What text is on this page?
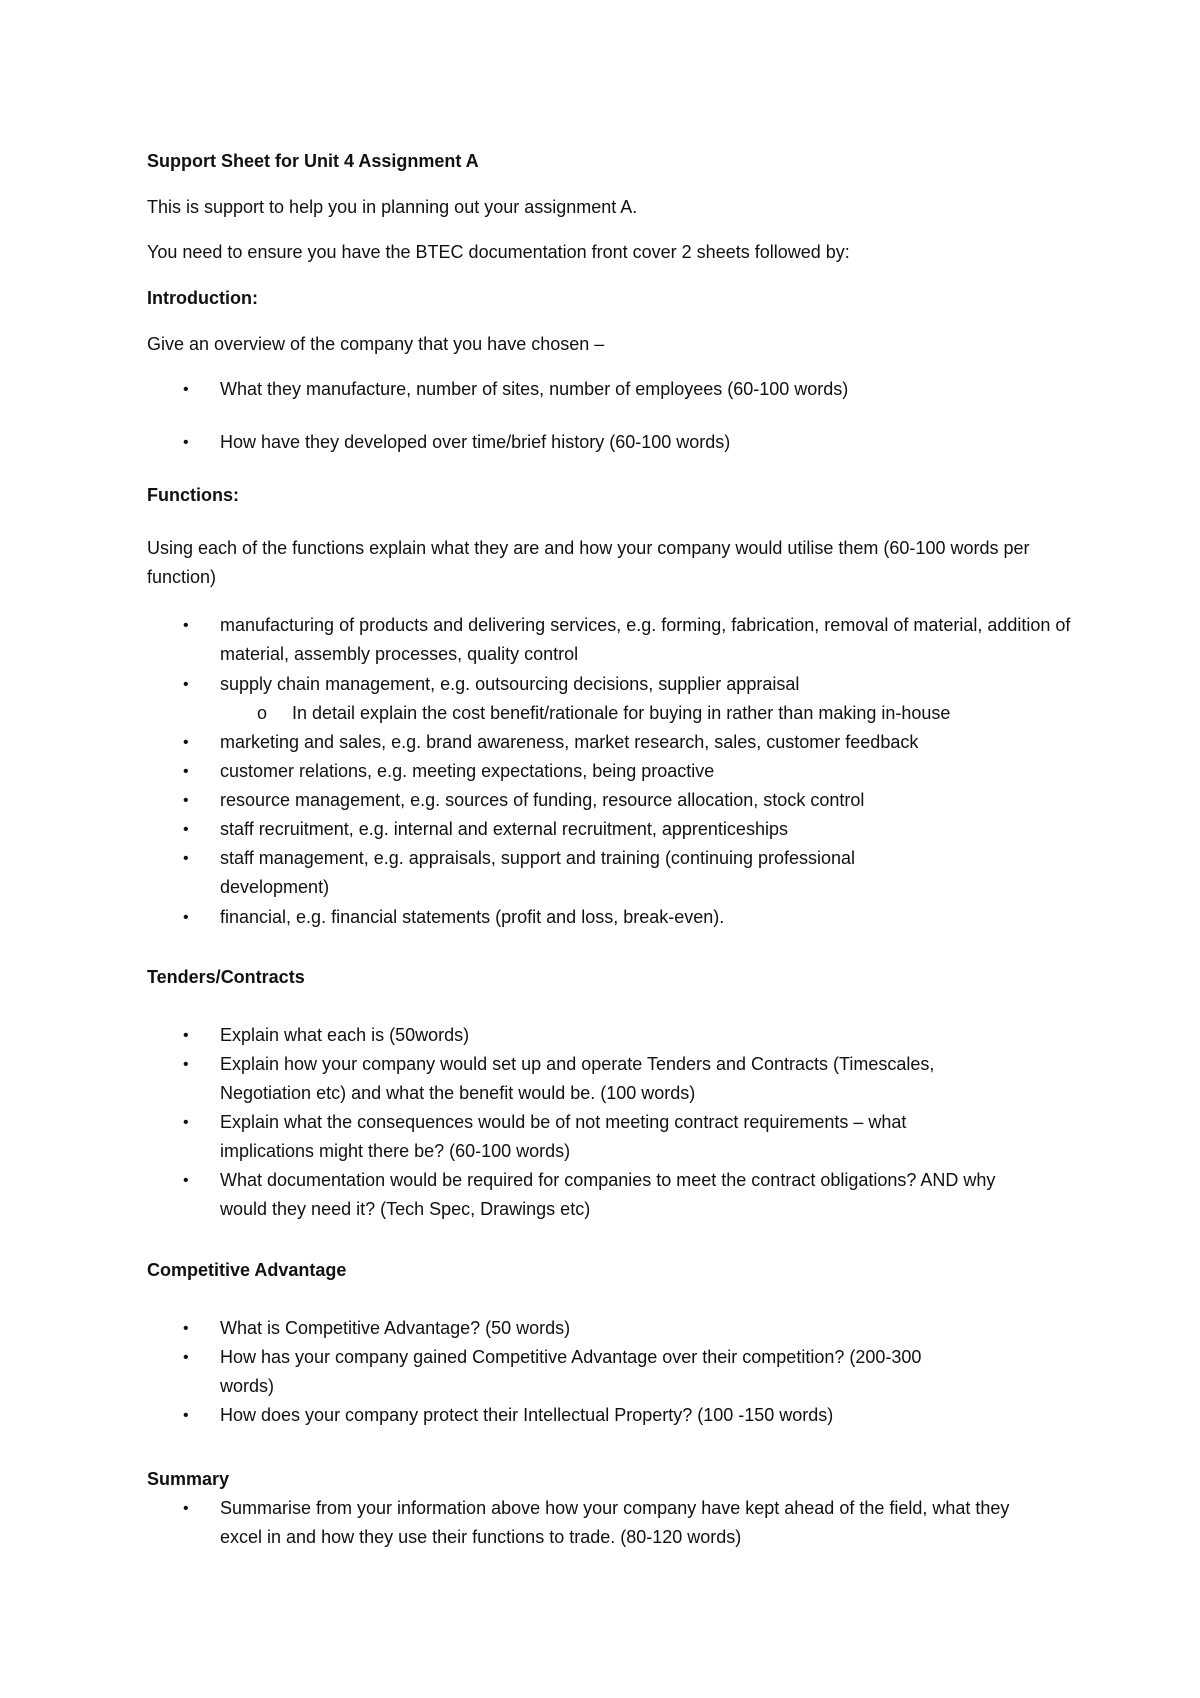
Support Sheet for Unit 4 Assignment A
This is support to help you in planning out your assignment A.
You need to ensure you have the BTEC documentation front cover 2 sheets followed by:
Introduction:
Give an overview of the company that you have chosen –
• What they manufacture, number of sites, number of employees (60-100 words)
• How have they developed over time/brief history (60-100 words)
Functions:
Using each of the functions explain what they are and how your company would utilise them (60-100 words per function)
• manufacturing of products and delivering services, e.g. forming, fabrication, removal of material, addition of material, assembly processes, quality control
• supply chain management, e.g. outsourcing decisions, supplier appraisal
o In detail explain the cost benefit/rationale for buying in rather than making in-house
• marketing and sales, e.g. brand awareness, market research, sales, customer feedback
• customer relations, e.g. meeting expectations, being proactive
• resource management, e.g. sources of funding, resource allocation, stock control
• staff recruitment, e.g. internal and external recruitment, apprenticeships
• staff management, e.g. appraisals, support and training (continuing professional development)
• financial, e.g. financial statements (profit and loss, break-even).
Tenders/Contracts
• Explain what each is (50words)
• Explain how your company would set up and operate Tenders and Contracts (Timescales, Negotiation etc) and what the benefit would be. (100 words)
• Explain what the consequences would be of not meeting contract requirements – what implications might there be? (60-100 words)
• What documentation would be required for companies to meet the contract obligations? AND why would they need it? (Tech Spec, Drawings etc)
Competitive Advantage
• What is Competitive Advantage? (50 words)
• How has your company gained Competitive Advantage over their competition? (200-300 words)
• How does your company protect their Intellectual Property? (100 -150 words)
Summary
• Summarise from your information above how your company have kept ahead of the field, what they excel in and how they use their functions to trade. (80-120 words)
